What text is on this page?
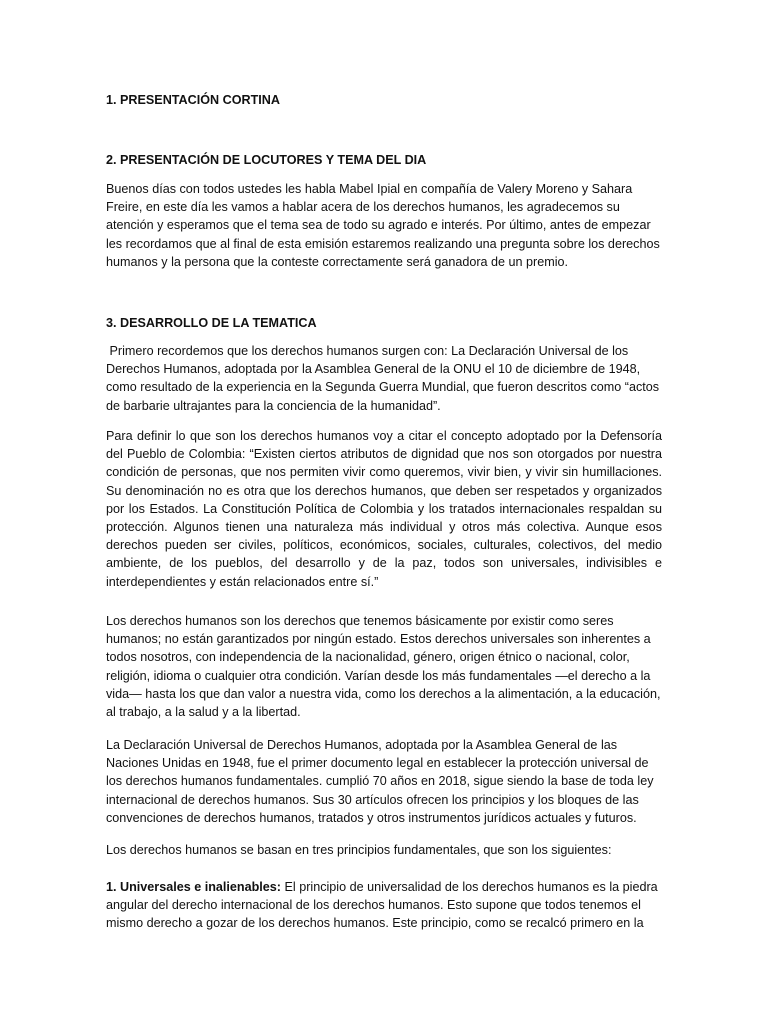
1. PRESENTACIÓN CORTINA
2. PRESENTACIÓN DE LOCUTORES Y TEMA DEL DIA
Buenos días con todos ustedes les habla Mabel Ipial en compañía de Valery Moreno y Sahara Freire, en este día les vamos a hablar acera de los derechos humanos, les agradecemos su atención y esperamos que el tema sea de todo su agrado e interés. Por último, antes de empezar les recordamos que al final de esta emisión estaremos realizando una pregunta sobre los derechos humanos y la persona que la conteste correctamente será ganadora de un premio.
3. DESARROLLO DE LA TEMATICA
Primero recordemos que los derechos humanos surgen con: La Declaración Universal de los Derechos Humanos, adoptada por la Asamblea General de la ONU el 10 de diciembre de 1948, como resultado de la experiencia en la Segunda Guerra Mundial, que fueron descritos como “actos de barbarie ultrajantes para la conciencia de la humanidad”.
Para definir lo que son los derechos humanos voy a citar el concepto adoptado por la Defensoría del Pueblo de Colombia: “Existen ciertos atributos de dignidad que nos son otorgados por nuestra condición de personas, que nos permiten vivir como queremos, vivir bien, y vivir sin humillaciones. Su denominación no es otra que los derechos humanos, que deben ser respetados y organizados por los Estados. La Constitución Política de Colombia y los tratados internacionales respaldan su protección. Algunos tienen una naturaleza más individual y otros más colectiva. Aunque esos derechos pueden ser civiles, políticos, económicos, sociales, culturales, colectivos, del medio ambiente, de los pueblos, del desarrollo y de la paz, todos son universales, indivisibles e interdependientes y están relacionados entre sí.”
Los derechos humanos son los derechos que tenemos básicamente por existir como seres humanos; no están garantizados por ningún estado. Estos derechos universales son inherentes a todos nosotros, con independencia de la nacionalidad, género, origen étnico o nacional, color, religión, idioma o cualquier otra condición. Varían desde los más fundamentales —el derecho a la vida— hasta los que dan valor a nuestra vida, como los derechos a la alimentación, a la educación, al trabajo, a la salud y a la libertad.
La Declaración Universal de Derechos Humanos, adoptada por la Asamblea General de las Naciones Unidas en 1948, fue el primer documento legal en establecer la protección universal de los derechos humanos fundamentales. cumplió 70 años en 2018, sigue siendo la base de toda ley internacional de derechos humanos. Sus 30 artículos ofrecen los principios y los bloques de las convenciones de derechos humanos, tratados y otros instrumentos jurídicos actuales y futuros.
Los derechos humanos se basan en tres principios fundamentales, que son los siguientes:
1. Universales e inalienables: El principio de universalidad de los derechos humanos es la piedra angular del derecho internacional de los derechos humanos. Esto supone que todos tenemos el mismo derecho a gozar de los derechos humanos. Este principio, como se recalcó primero en la
